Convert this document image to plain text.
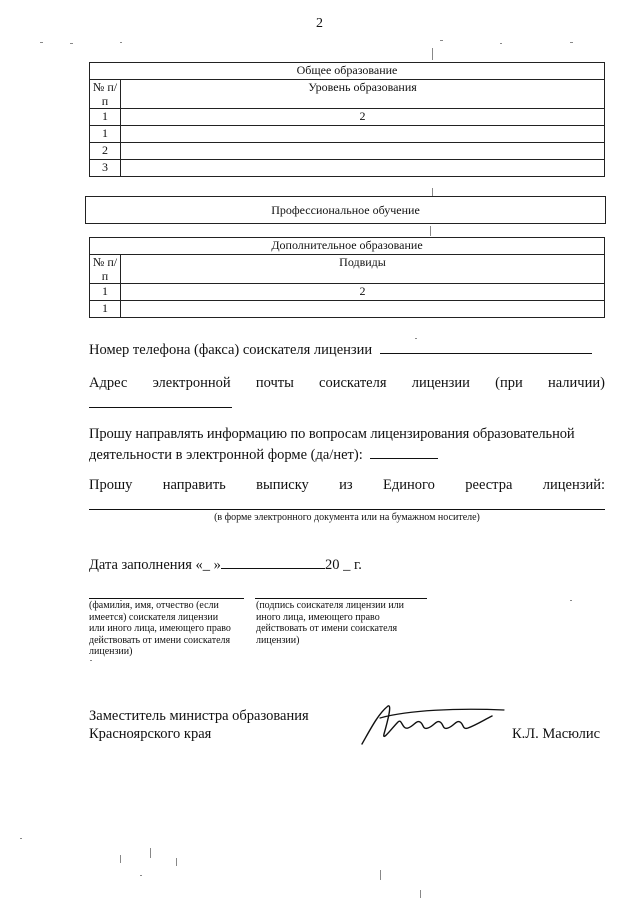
2
Общее образование	
№ п/п	Уровень образования
1	2
1	
2	
3	
Профессиональное обучение
Дополнительное образование	
№ п/п	Подвиды
1	2
1	
Номер телефона (факса) соискателя лицензии
Адрес электронной почты соискателя лицензии (при наличии)
Прошу направлять информацию по вопросам лицензирования образовательной
деятельности в электронной форме (да/нет):
Прошу направить выписку из Единого реестра лицензий:
(в форме электронного документа или на бумажном носителе)
Дата заполнения «_ »	20 _ г.
(фамилия, имя, отчество (если
имеется) соискателя лицензии
или иного лица, имеющего право
действовать от имени соискателя
лицензии)
(подпись соискателя лицензии или
иного лица, имеющего право
действовать от имени соискателя
лицензии)
Заместитель министра образования
Красноярского края	К.Л. Масюлис
